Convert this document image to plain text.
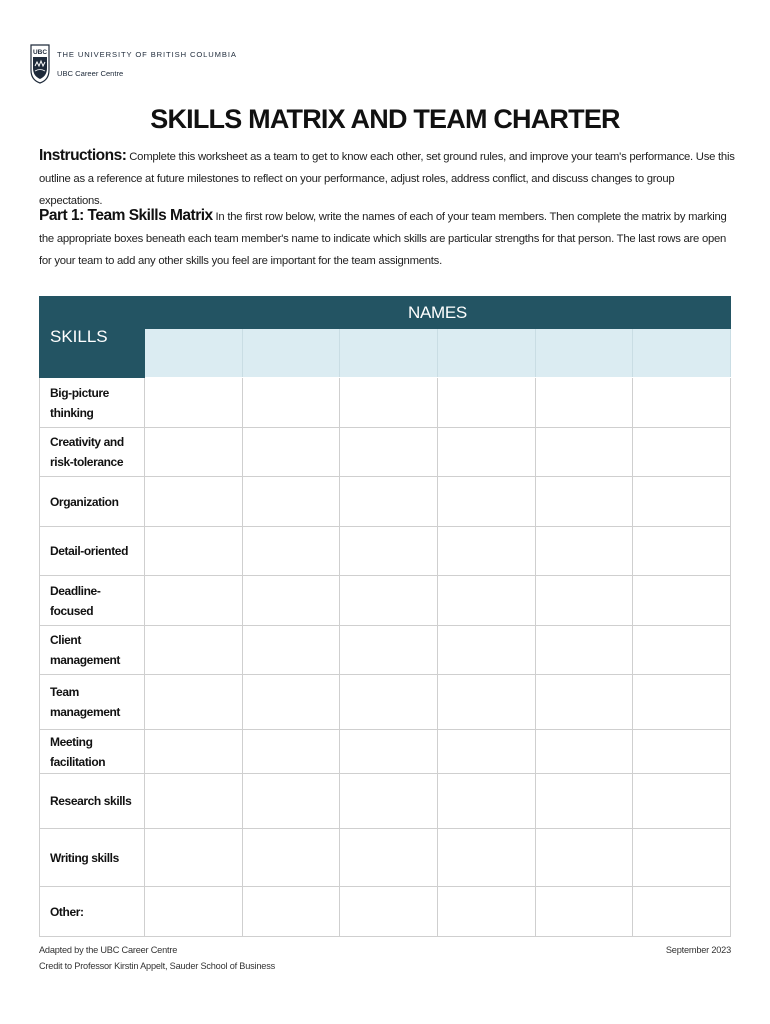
UBC THE UNIVERSITY OF BRITISH COLUMBIA
UBC Career Centre
SKILLS MATRIX AND TEAM CHARTER
Instructions: Complete this worksheet as a team to get to know each other, set ground rules, and improve your team's performance. Use this outline as a reference at future milestones to reflect on your performance, adjust roles, address conflict, and discuss changes to group expectations.
Part 1: Team Skills Matrix In the first row below, write the names of each of your team members. Then complete the matrix by marking the appropriate boxes beneath each team member's name to indicate which skills are particular strengths for that person. The last rows are open for your team to add any other skills you feel are important for the team assignments.
SKILLS	NAMES					

Big-picture thinking						
Creativity and risk-tolerance						
Organization						
Detail-oriented						
Deadline-focused						
Client management						
Team management						
Meeting facilitation						
Research skills						
Writing skills						
Other:						
Adapted by the UBC Career Centre
Credit to Professor Kirstin Appelt, Sauder School of Business
September 2023
